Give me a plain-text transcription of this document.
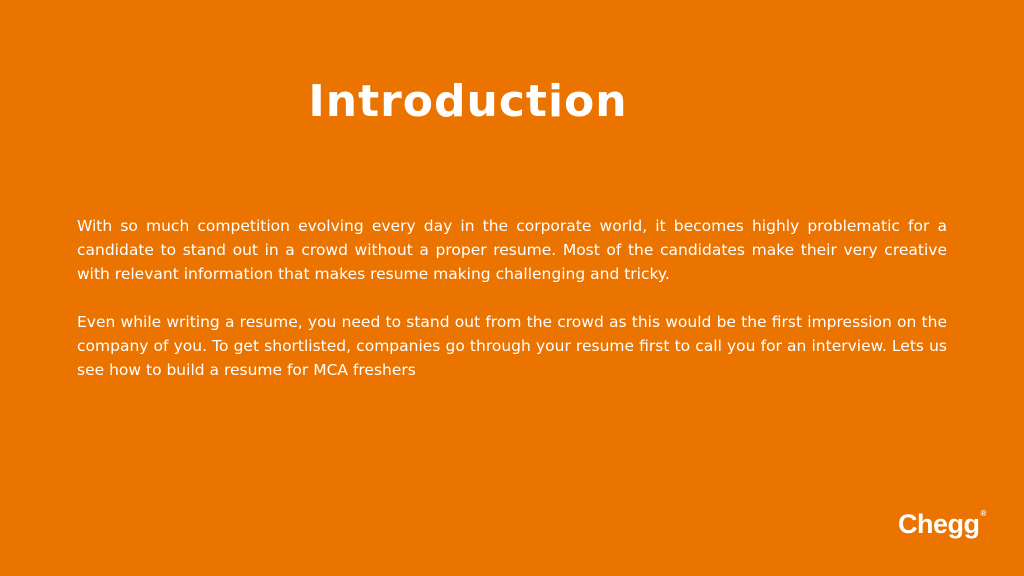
Introduction

With so much competition evolving every day in the corporate world, it becomes highly problematic for a candidate to stand out in a crowd without a proper resume. Most of the candidates make their very creative with relevant information that makes resume making challenging and tricky.

Even while writing a resume, you need to stand out from the crowd as this would be the first impression on the company of you. To get shortlisted, companies go through your resume first to call you for an interview. Lets us see how to build a resume for MCA freshers

Chegg®
